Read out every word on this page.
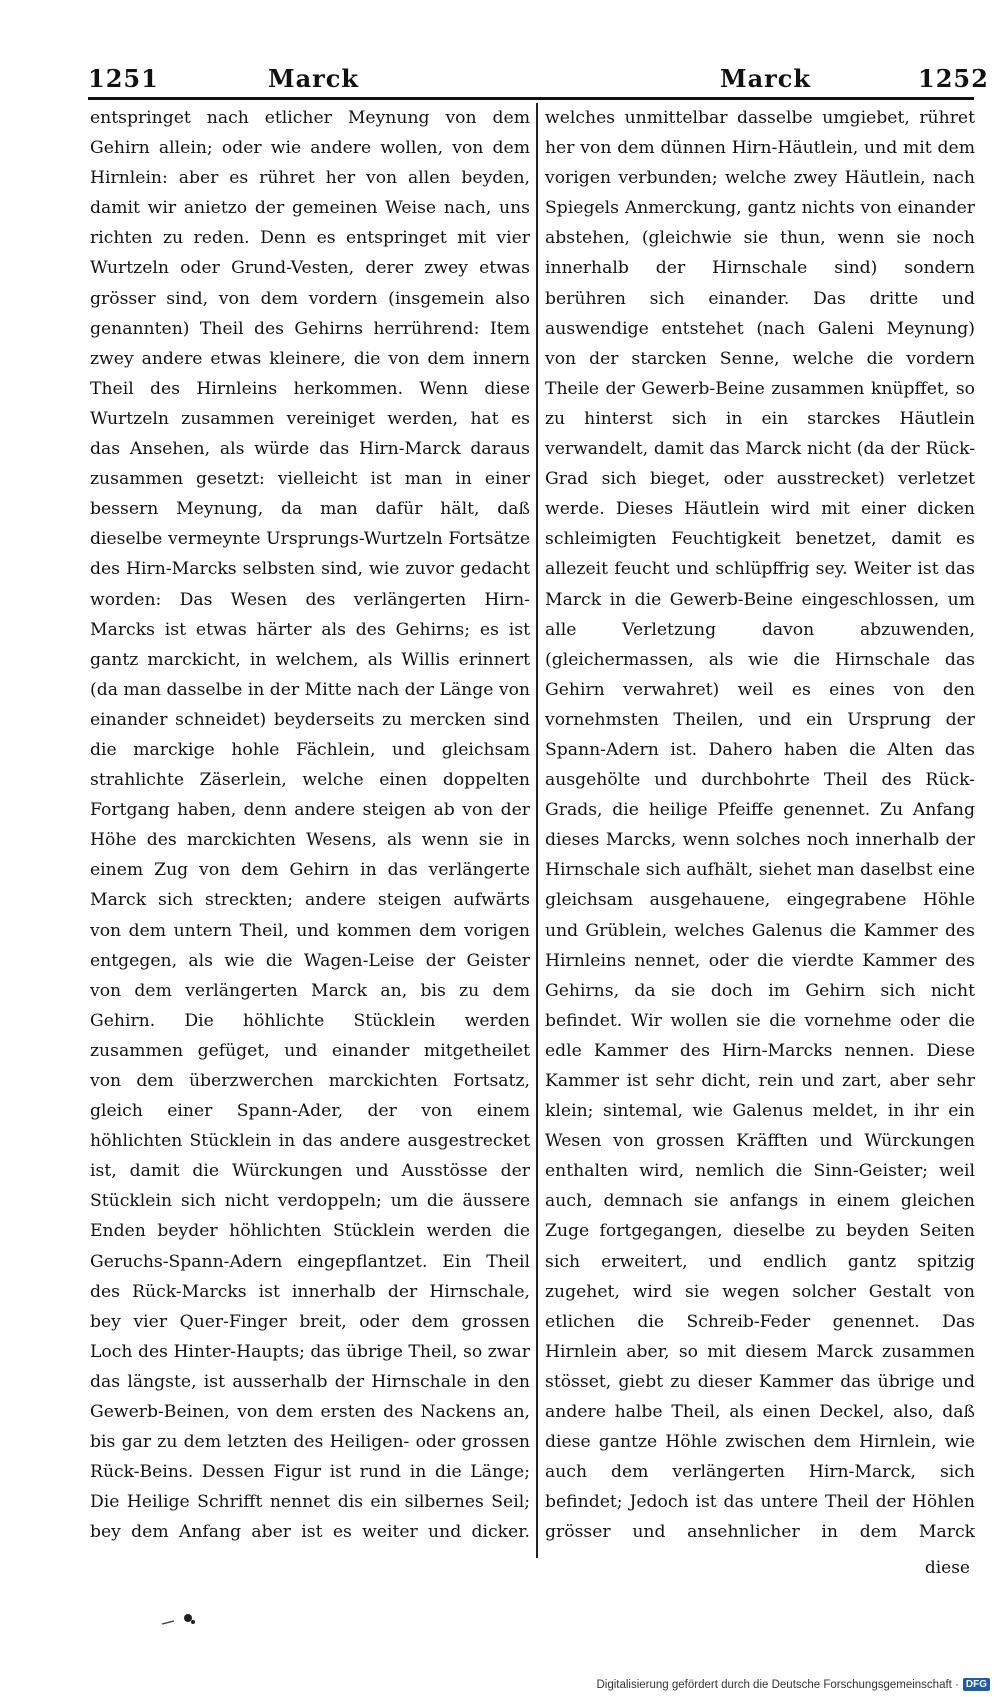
1251	Marck	Marck	1252

entspringet nach etlicher Meynung von dem Gehirn allein; oder wie andere wollen, von dem Hirnlein: aber es rühret her von allen beyden, damit wir anietzo der gemeinen Weise nach, uns richten zu reden. Denn es entspringet mit vier Wurtzeln oder Grund-Vesten, derer zwey etwas grösser sind, von dem vordern (insgemein also genannten) Theil des Gehirns herrührend: Item zwey andere etwas kleinere, die von dem innern Theil des Hirnleins herkommen. Wenn diese Wurtzeln zusammen vereiniget werden, hat es das Ansehen, als würde das Hirn-Marck daraus zusammen gesetzt: vielleicht ist man in einer bessern Meynung, da man dafür hält, daß dieselbe vermeynte Ursprungs-Wurtzeln Fortsätze des Hirn-Marcks selbsten sind, wie zuvor gedacht worden: Das Wesen des verlängerten Hirn-Marcks ist etwas härter als des Gehirns; es ist gantz marckicht, in welchem, als Willis erinnert (da man dasselbe in der Mitte nach der Länge von einander schneidet) beyderseits zu mercken sind die marckige hohle Fächlein, und gleichsam strahlichte Zäserlein, welche einen doppelten Fortgang haben, denn andere steigen ab von der Höhe des marckichten Wesens, als wenn sie in einem Zug von dem Gehirn in das verlängerte Marck sich streckten; andere steigen aufwärts von dem untern Theil, und kommen dem vorigen entgegen, als wie die Wagen-Leise der Geister von dem verlängerten Marck an, bis zu dem Gehirn. Die höhlichte Stücklein werden zusammen gefüget, und einander mitgetheilet von dem überzwerchen marckichten Fortsatz, gleich einer Spann-Ader, der von einem höhlichten Stücklein in das andere ausgestrecket ist, damit die Würckungen und Ausstösse der Stücklein sich nicht verdoppeln; um die äussere Enden beyder höhlichten Stücklein werden die Geruchs-Spann-Adern eingepflantzet. Ein Theil des Rück-Marcks ist innerhalb der Hirnschale, bey vier Quer-Finger breit, oder dem grossen Loch des Hinter-Haupts; das übrige Theil, so zwar das längste, ist ausserhalb der Hirnschale in den Gewerb-Beinen, von dem ersten des Nackens an, bis gar zu dem letzten des Heiligen- oder grossen Rück-Beins. Dessen Figur ist rund in die Länge; Die Heilige Schrifft nennet dis ein silbernes Seil; bey dem Anfang aber ist es weiter und dicker.

welches unmittelbar dasselbe umgiebet, rühret her von dem dünnen Hirn-Häutlein, und mit dem vorigen verbunden; welche zwey Häutlein, nach Spiegels Anmerckung, gantz nichts von einander abstehen, (gleichwie sie thun, wenn sie noch innerhalb der Hirnschale sind) sondern berühren sich einander. Das dritte und auswendige entstehet (nach Galeni Meynung) von der starcken Senne, welche die vordern Theile der Gewerb-Beine zusammen knüpffet, so zu hinterst sich in ein starckes Häutlein verwandelt, damit das Marck nicht (da der Rück-Grad sich bieget, oder ausstrecket) verletzet werde. Dieses Häutlein wird mit einer dicken schleimigten Feuchtigkeit benetzet, damit es allezeit feucht und schlüpffrig sey. Weiter ist das Marck in die Gewerb-Beine eingeschlossen, um alle Verletzung davon abzuwenden, (gleichermassen, als wie die Hirnschale das Gehirn verwahret) weil es eines von den vornehmsten Theilen, und ein Ursprung der Spann-Adern ist. Dahero haben die Alten das ausgehölte und durchbohrte Theil des Rück-Grads, die heilige Pfeiffe genennet. Zu Anfang dieses Marcks, wenn solches noch innerhalb der Hirnschale sich aufhält, siehet man daselbst eine gleichsam ausgehauene, eingegrabene Höhle und Grüblein, welches Galenus die Kammer des Hirnleins nennet, oder die vierdte Kammer des Gehirns, da sie doch im Gehirn sich nicht befindet. Wir wollen sie die vornehme oder die edle Kammer des Hirn-Marcks nennen. Diese Kammer ist sehr dicht, rein und zart, aber sehr klein; sintemal, wie Galenus meldet, in ihr ein Wesen von grossen Kräfften und Würckungen enthalten wird, nemlich die Sinn-Geister; weil auch, demnach sie anfangs in einem gleichen Zuge fortgegangen, dieselbe zu beyden Seiten sich erweitert, und endlich gantz spitzig zugehet, wird sie wegen solcher Gestalt von etlichen die Schreib-Feder genennet. Das Hirnlein aber, so mit diesem Marck zusammen stösset, giebt zu dieser Kammer das übrige und andere halbe Theil, als einen Deckel, also, daß diese gantze Höhle zwischen dem Hirnlein, wie auch dem verlängerten Hirn-Marck, sich befindet; Jedoch ist das untere Theil der Höhlen grösser und ansehnlicher in dem Marck

diese
Digitalisierung gefördert durch die Deutsche Forschungsgemeinschaft · DFG
